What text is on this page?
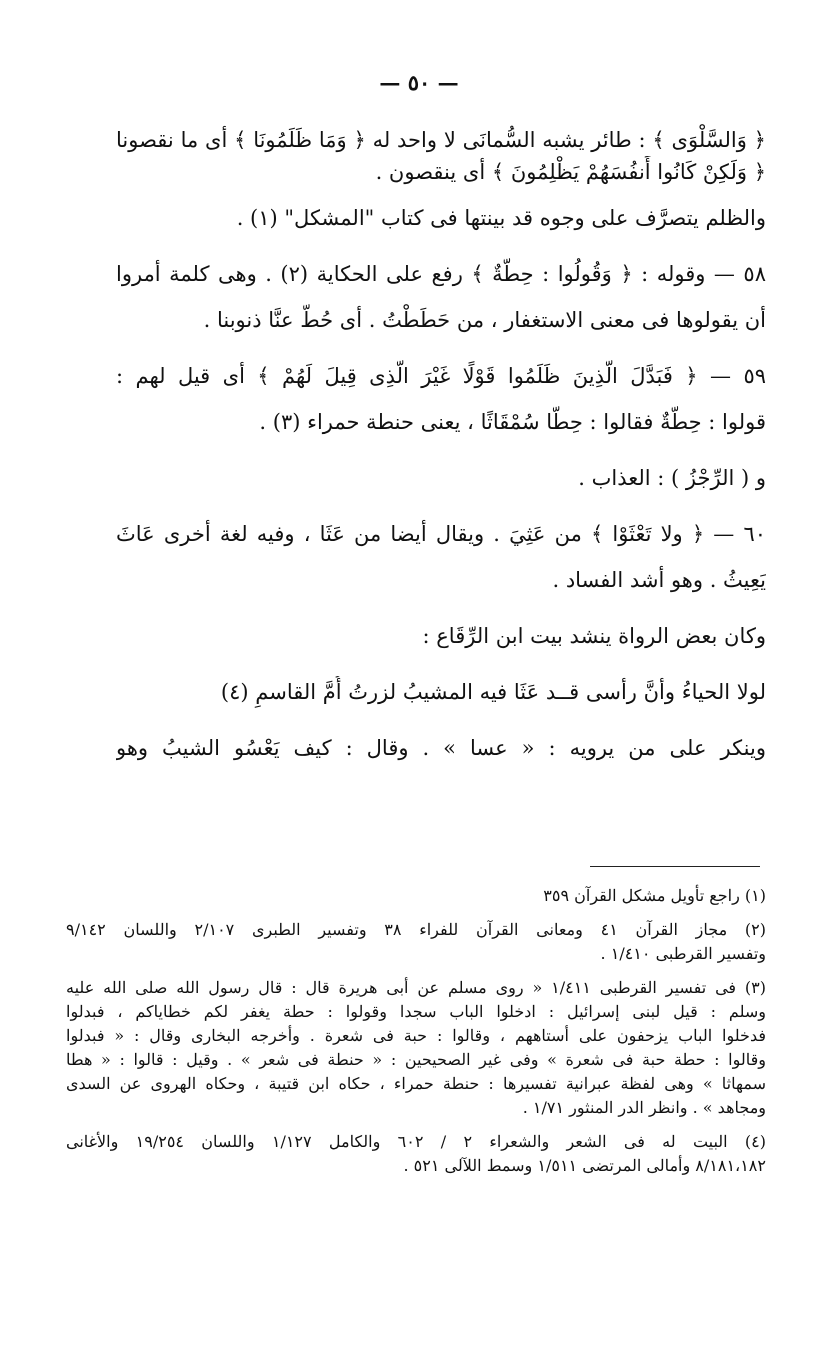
— ٥٠ —
﴿ وَالسَّلْوَى ﴾ : طائر يشبه السُّمانَى لا واحد له ﴿ وَمَا ظَلَمُونَا ﴾ أى ما نقصونا
﴿ وَلَكِنْ كَانُوا أَنفُسَهُمْ يَظْلِمُونَ ﴾ أى ينقصون .
والظلم يتصرَّف على وجوه قد بينتها فى كتاب "المشكل" (١) .
٥٨ — وقوله : ﴿ وَقُولُوا : حِطَّةٌ ﴾ رفع على الحكاية (٢) . وهى كلمة أمروا
أن يقولوها فى معنى الاستغفار ، من حَطَطْتُ . أى حُطَّ عنَّا ذنوبنا .
٥٩ — ﴿ فَبَدَّلَ الَّذِينَ ظَلَمُوا قَوْلًا غَيْرَ الَّذِى قِيلَ لَهُمْ ﴾ أى قيل لهم :
قولوا : حِطَّةٌ فقالوا : حِطًّا سُمْقَاثًا ، يعنى حنطة حمراء (٣) .
و ( الرِّجْزُ ) : العذاب .
٦٠ — ﴿ ولا تَعْثَوْا ﴾ من عَثِيَ . ويقال أيضا من عَثَا ، وفيه لغة أخرى عَاثَ
يَعِيثُ . وهو أشد الفساد .
وكان بعض الرواة ينشد بيت ابن الرِّقَاع :
لولا الحياءُ وأنَّ رأسى قــد عَثَا فيه المشيبُ لزرتُ أُمَّ القاسمِ (٤)
وينكر على من يرويه : « عسا » . وقال : كيف يَعْسُو الشيبُ وهو
(١) راجع تأويل مشكل القرآن ٣٥٩
(٢) مجاز القرآن ٤١ ومعانى القرآن للفراء ٣٨ وتفسير الطبرى ٢/١٠٧ واللسان ٩/١٤٢
وتفسير القرطبى ١/٤١٠ .
(٣) فى تفسير القرطبى ١/٤١١ « روى مسلم عن أبى هريرة قال : قال رسول الله صلى الله عليه
وسلم : قيل لبنى إسرائيل : ادخلوا الباب سجدا وقولوا : حطة يغفر لكم خطاياكم ، فبدلوا
فدخلوا الباب يزحفون على أستاههم ، وقالوا : حبة فى شعرة . وأخرجه البخارى وقال : « فبدلوا
وقالوا : حطة حبة فى شعرة » وفى غير الصحيحين : « حنطة فى شعر » . وقيل : قالوا : « هطا
سمهاثا » وهى لفظة عبرانية تفسيرها : حنطة حمراء ، حكاه ابن قتيبة ، وحكاه الهروى عن السدى
ومجاهد » . وانظر الدر المنثور ١/٧١ .
(٤) البيت له فى الشعر والشعراء ٢ / ٦٠٢ والكامل ١/١٢٧ واللسان ١٩/٢٥٤ والأغانى
٨/١٨١،١٨٢ وأمالى المرتضى ١/٥١١ وسمط اللآلى ٥٢١ .
